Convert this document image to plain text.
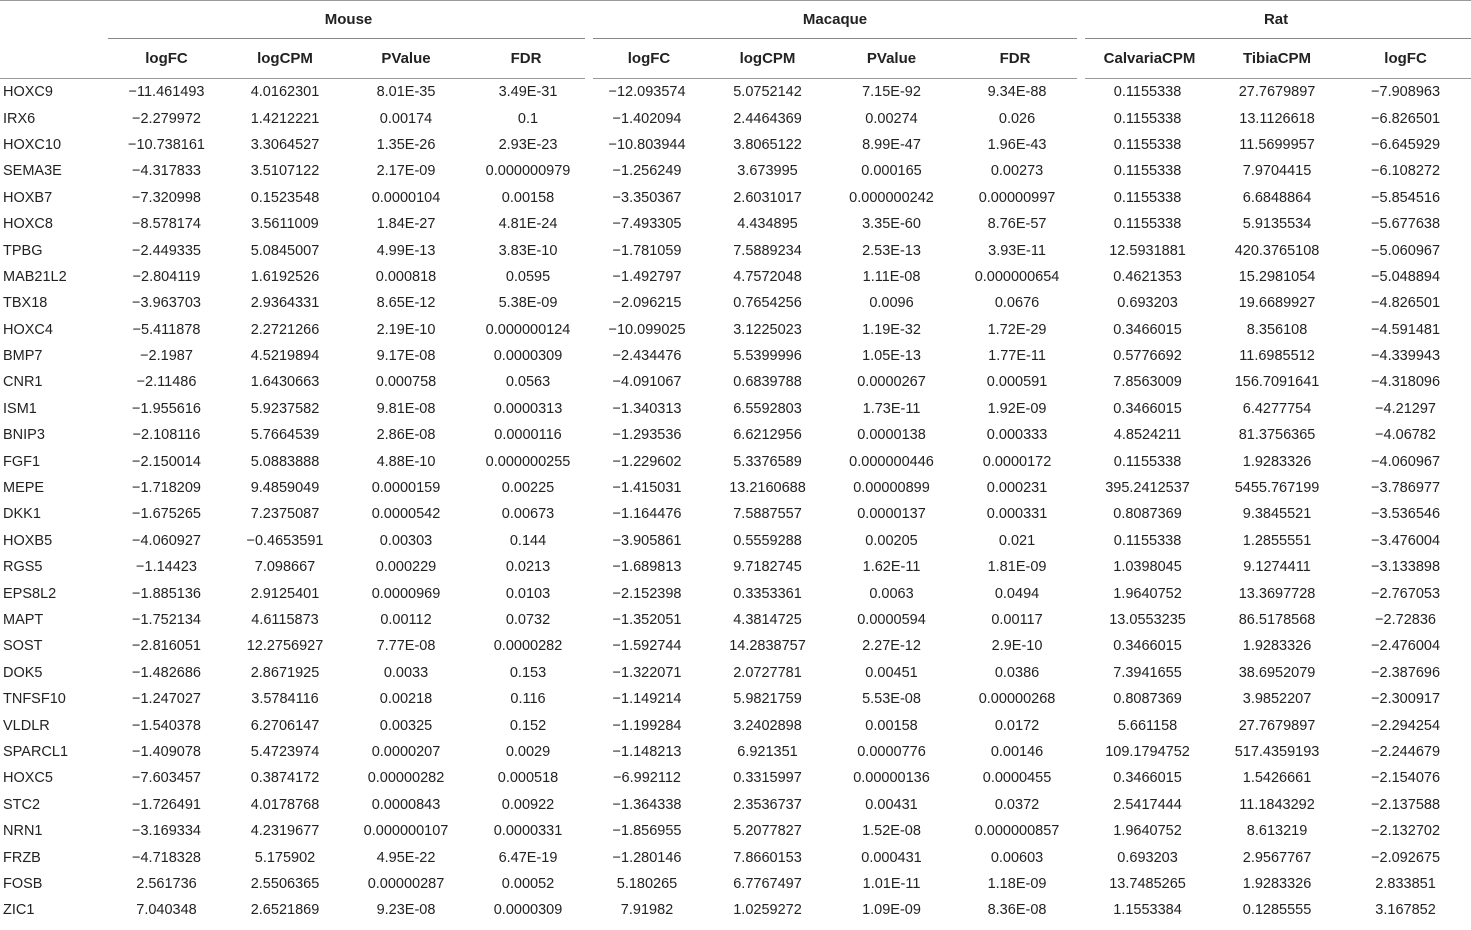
	Mouse				Macaque				Rat		
	logFC	logCPM	PValue	FDR	logFC	logCPM	PValue	FDR	CalvariaCPM	TibiaCPM	logFC
HOXC9	−11.461493	4.0162301	8.01E-35	3.49E-31	−12.093574	5.0752142	7.15E-92	9.34E-88	0.1155338	27.7679897	−7.908963
IRX6	−2.279972	1.4212221	0.00174	0.1	−1.402094	2.4464369	0.00274	0.026	0.1155338	13.1126618	−6.826501
HOXC10	−10.738161	3.3064527	1.35E-26	2.93E-23	−10.803944	3.8065122	8.99E-47	1.96E-43	0.1155338	11.5699957	−6.645929
SEMA3E	−4.317833	3.5107122	2.17E-09	0.000000979	−1.256249	3.673995	0.000165	0.00273	0.1155338	7.9704415	−6.108272
HOXB7	−7.320998	0.1523548	0.0000104	0.00158	−3.350367	2.6031017	0.000000242	0.00000997	0.1155338	6.6848864	−5.854516
HOXC8	−8.578174	3.5611009	1.84E-27	4.81E-24	−7.493305	4.434895	3.35E-60	8.76E-57	0.1155338	5.9135534	−5.677638
TPBG	−2.449335	5.0845007	4.99E-13	3.83E-10	−1.781059	7.5889234	2.53E-13	3.93E-11	12.5931881	420.3765108	−5.060967
MAB21L2	−2.804119	1.6192526	0.000818	0.0595	−1.492797	4.7572048	1.11E-08	0.000000654	0.4621353	15.2981054	−5.048894
TBX18	−3.963703	2.9364331	8.65E-12	5.38E-09	−2.096215	0.7654256	0.0096	0.0676	0.693203	19.6689927	−4.826501
HOXC4	−5.411878	2.2721266	2.19E-10	0.000000124	−10.099025	3.1225023	1.19E-32	1.72E-29	0.3466015	8.356108	−4.591481
BMP7	−2.1987	4.5219894	9.17E-08	0.0000309	−2.434476	5.5399996	1.05E-13	1.77E-11	0.5776692	11.6985512	−4.339943
CNR1	−2.11486	1.6430663	0.000758	0.0563	−4.091067	0.6839788	0.0000267	0.000591	7.8563009	156.7091641	−4.318096
ISM1	−1.955616	5.9237582	9.81E-08	0.0000313	−1.340313	6.5592803	1.73E-11	1.92E-09	0.3466015	6.4277754	−4.21297
BNIP3	−2.108116	5.7664539	2.86E-08	0.0000116	−1.293536	6.6212956	0.0000138	0.000333	4.8524211	81.3756365	−4.06782
FGF1	−2.150014	5.0883888	4.88E-10	0.000000255	−1.229602	5.3376589	0.000000446	0.0000172	0.1155338	1.9283326	−4.060967
MEPE	−1.718209	9.4859049	0.0000159	0.00225	−1.415031	13.2160688	0.00000899	0.000231	395.2412537	5455.767199	−3.786977
DKK1	−1.675265	7.2375087	0.0000542	0.00673	−1.164476	7.5887557	0.0000137	0.000331	0.8087369	9.3845521	−3.536546
HOXB5	−4.060927	−0.4653591	0.00303	0.144	−3.905861	0.5559288	0.00205	0.021	0.1155338	1.2855551	−3.476004
RGS5	−1.14423	7.098667	0.000229	0.0213	−1.689813	9.7182745	1.62E-11	1.81E-09	1.0398045	9.1274411	−3.133898
EPS8L2	−1.885136	2.9125401	0.0000969	0.0103	−2.152398	0.3353361	0.0063	0.0494	1.9640752	13.3697728	−2.767053
MAPT	−1.752134	4.6115873	0.00112	0.0732	−1.352051	4.3814725	0.0000594	0.00117	13.0553235	86.5178568	−2.72836
SOST	−2.816051	12.2756927	7.77E-08	0.0000282	−1.592744	14.2838757	2.27E-12	2.9E-10	0.3466015	1.9283326	−2.476004
DOK5	−1.482686	2.8671925	0.0033	0.153	−1.322071	2.0727781	0.00451	0.0386	7.3941655	38.6952079	−2.387696
TNFSF10	−1.247027	3.5784116	0.00218	0.116	−1.149214	5.9821759	5.53E-08	0.00000268	0.8087369	3.9852207	−2.300917
VLDLR	−1.540378	6.2706147	0.00325	0.152	−1.199284	3.2402898	0.00158	0.0172	5.661158	27.7679897	−2.294254
SPARCL1	−1.409078	5.4723974	0.0000207	0.0029	−1.148213	6.921351	0.0000776	0.00146	109.1794752	517.4359193	−2.244679
HOXC5	−7.603457	0.3874172	0.00000282	0.000518	−6.992112	0.3315997	0.00000136	0.0000455	0.3466015	1.5426661	−2.154076
STC2	−1.726491	4.0178768	0.0000843	0.00922	−1.364338	2.3536737	0.00431	0.0372	2.5417444	11.1843292	−2.137588
NRN1	−3.169334	4.2319677	0.000000107	0.0000331	−1.856955	5.2077827	1.52E-08	0.000000857	1.9640752	8.613219	−2.132702
FRZB	−4.718328	5.175902	4.95E-22	6.47E-19	−1.280146	7.8660153	0.000431	0.00603	0.693203	2.9567767	−2.092675
FOSB	2.561736	2.5506365	0.00000287	0.00052	5.180265	6.7767497	1.01E-11	1.18E-09	13.7485265	1.9283326	2.833851
ZIC1	7.040348	2.6521869	9.23E-08	0.0000309	7.91982	1.0259272	1.09E-09	8.36E-08	1.1553384	0.1285555	3.167852
